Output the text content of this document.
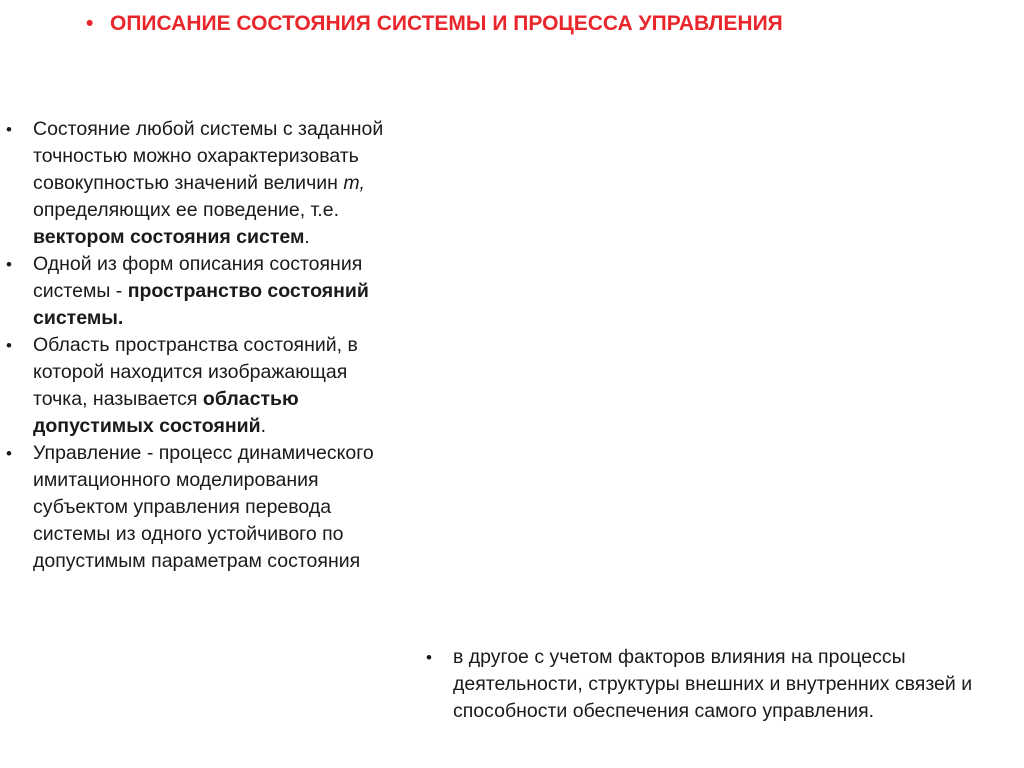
• ОПИСАНИЕ СОСТОЯНИЯ СИСТЕМЫ И ПРОЦЕССА УПРАВЛЕНИЯ
•	Состояние любой системы с заданной точностью можно охарактеризовать совокупностью значений величин m, определяющих ее поведение, т.е. вектором состояния систем.
•	Одной из форм описания состояния системы - пространство состояний системы.
•	Область пространства состояний, в которой находится изображающая точка, называется областью допустимых состояний.
•	Управление - процесс динамического имитационного моделирования субъектом управления перевода системы из одного устойчивого по допустимым параметрам состояния
•	в другое с учетом факторов влияния на процессы деятельности, структуры внешних и внутренних связей и способности обеспечения самого управления.
